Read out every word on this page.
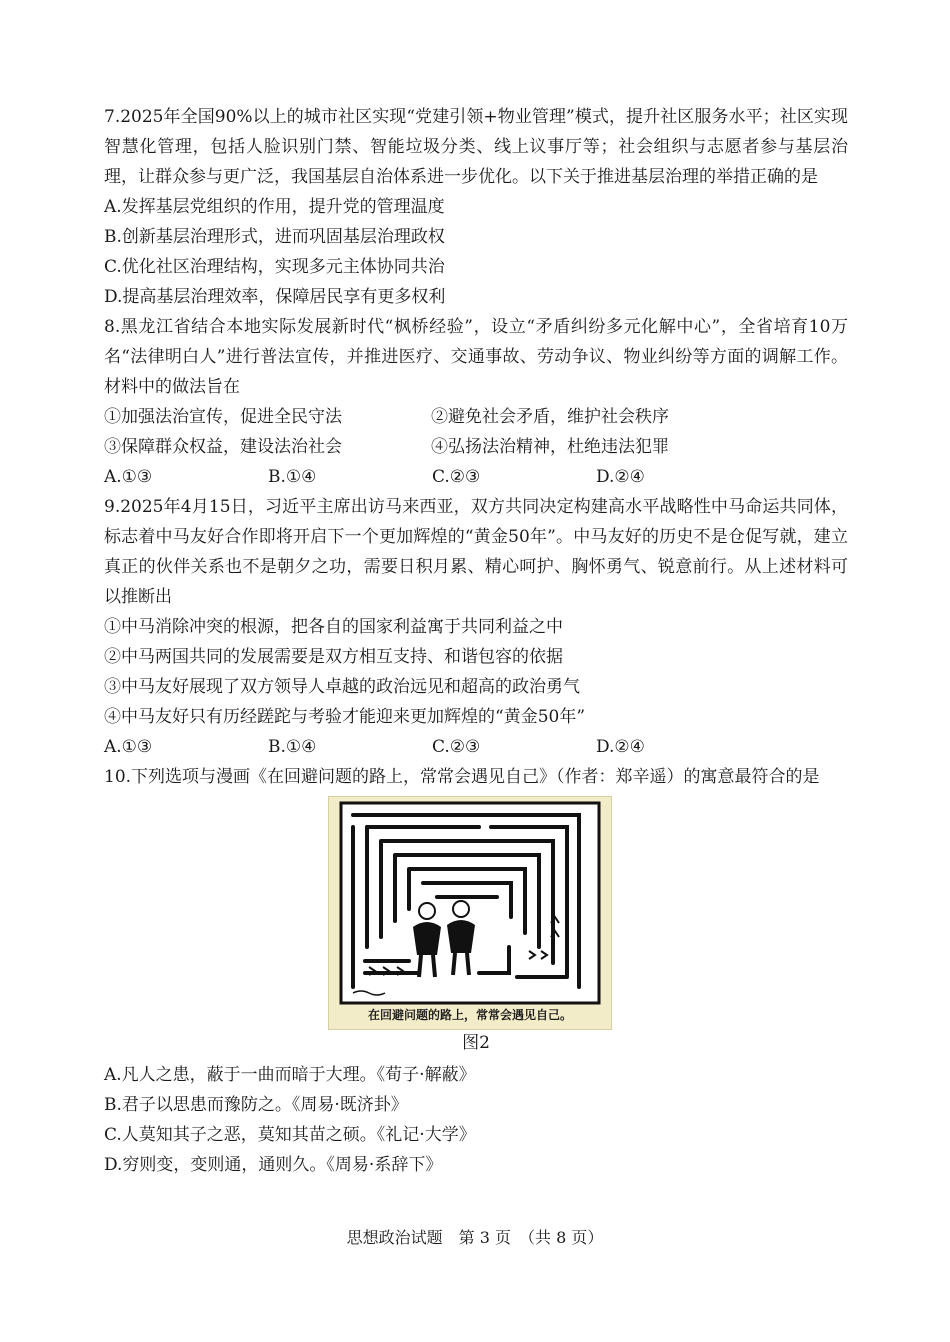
7.2025年全国90%以上的城市社区实现“党建引领+物业管理”模式，提升社区服务水平；社区实现智慧化管理，包括人脸识别门禁、智能垃圾分类、线上议事厅等；社会组织与志愿者参与基层治理，让群众参与更广泛，我国基层自治体系进一步优化。以下关于推进基层治理的举措正确的是
A.发挥基层党组织的作用，提升党的管理温度
B.创新基层治理形式，进而巩固基层治理政权
C.优化社区治理结构，实现多元主体协同共治
D.提高基层治理效率，保障居民享有更多权利
8.黑龙江省结合本地实际发展新时代“枫桥经验”，设立“矛盾纠纷多元化解中心”，全省培育10万名“法律明白人”进行普法宣传，并推进医疗、交通事故、劳动争议、物业纠纷等方面的调解工作。材料中的做法旨在
①加强法治宣传，促进全民守法	②避免社会矛盾，维护社会秩序
③保障群众权益，建设法治社会	④弘扬法治精神，杜绝违法犯罪
A.①③	B.①④	C.②③	D.②④
9.2025年4月15日，习近平主席出访马来西亚，双方共同决定构建高水平战略性中马命运共同体，标志着中马友好合作即将开启下一个更加辉煌的“黄金50年”。中马友好的历史不是仓促写就，建立真正的伙伴关系也不是朝夕之功，需要日积月累、精心呵护、胸怀勇气、锐意前行。从上述材料可以推断出
①中马消除冲突的根源，把各自的国家利益寓于共同利益之中
②中马两国共同的发展需要是双方相互支持、和谐包容的依据
③中马友好展现了双方领导人卓越的政治远见和超高的政治勇气
④中马友好只有历经蹉跎与考验才能迎来更加辉煌的“黄金50年”
A.①③	B.①④	C.②③	D.②④
10.下列选项与漫画《在回避问题的路上，常常会遇见自己》（作者：郑辛遥）的寓意最符合的是
在回避问题的路上，常常会遇见自己。
图2
A.凡人之患，蔽于一曲而暗于大理。《荀子·解蔽》
B.君子以思患而豫防之。《周易·既济卦》
C.人莫知其子之恶，莫知其苗之硕。《礼记·大学》
D.穷则变，变则通，通则久。《周易·系辞下》
思想政治试题　第 3 页　（共 8 页）
